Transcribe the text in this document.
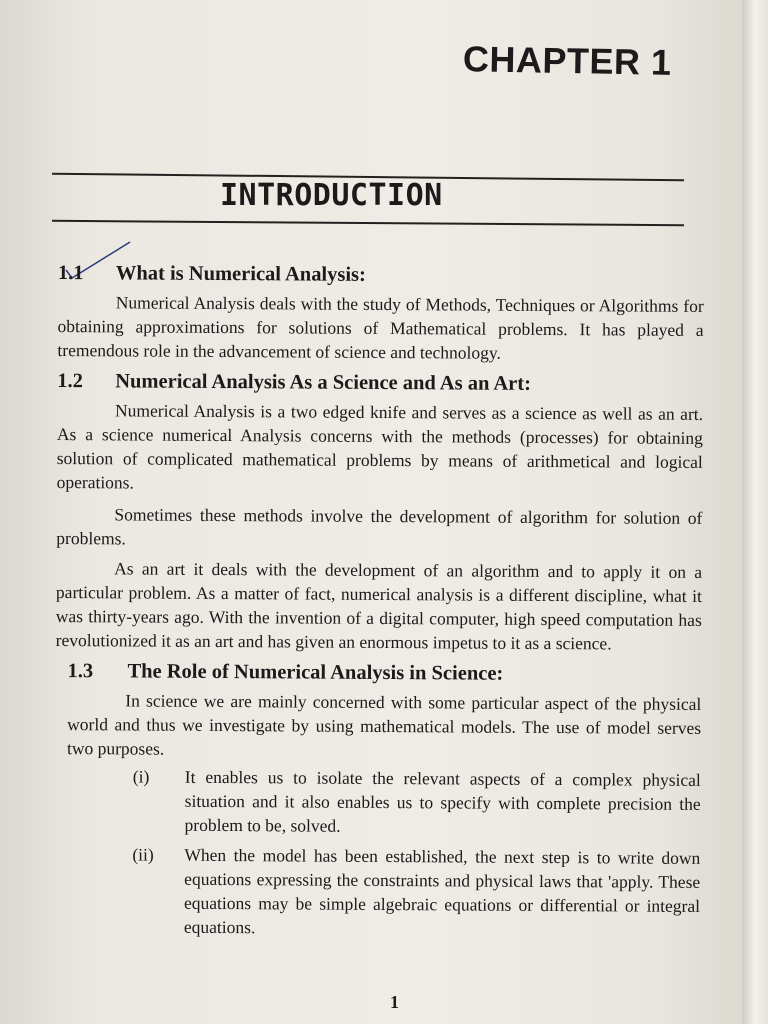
CHAPTER 1
INTRODUCTION
1.1	What is Numerical Analysis:

Numerical Analysis deals with the study of Methods, Techniques or Algorithms for obtaining approximations for solutions of Mathematical problems. It has played a tremendous role in the advancement of science and technology.

1.2	Numerical Analysis As a Science and As an Art:

Numerical Analysis is a two edged knife and serves as a science as well as an art. As a science numerical Analysis concerns with the methods (processes) for obtaining solution of complicated mathematical problems by means of arithmetical and logical operations.

Sometimes these methods involve the development of algorithm for solution of problems.

As an art it deals with the development of an algorithm and to apply it on a particular problem. As a matter of fact, numerical analysis is a different discipline, what it was thirty-years ago. With the invention of a digital computer, high speed computation has revolutionized it as an art and has given an enormous impetus to it as a science.

1.3	The Role of Numerical Analysis in Science:

In science we are mainly concerned with some particular aspect of the physical world and thus we investigate by using mathematical models. The use of model serves two purposes.

(i)	It enables us to isolate the relevant aspects of a complex physical situation and it also enables us to specify with complete precision the problem to be, solved.
(ii)	When the model has been established, the next step is to write down equations expressing the constraints and physical laws that 'apply. These equations may be simple algebraic equations or differential or integral equations.
1
